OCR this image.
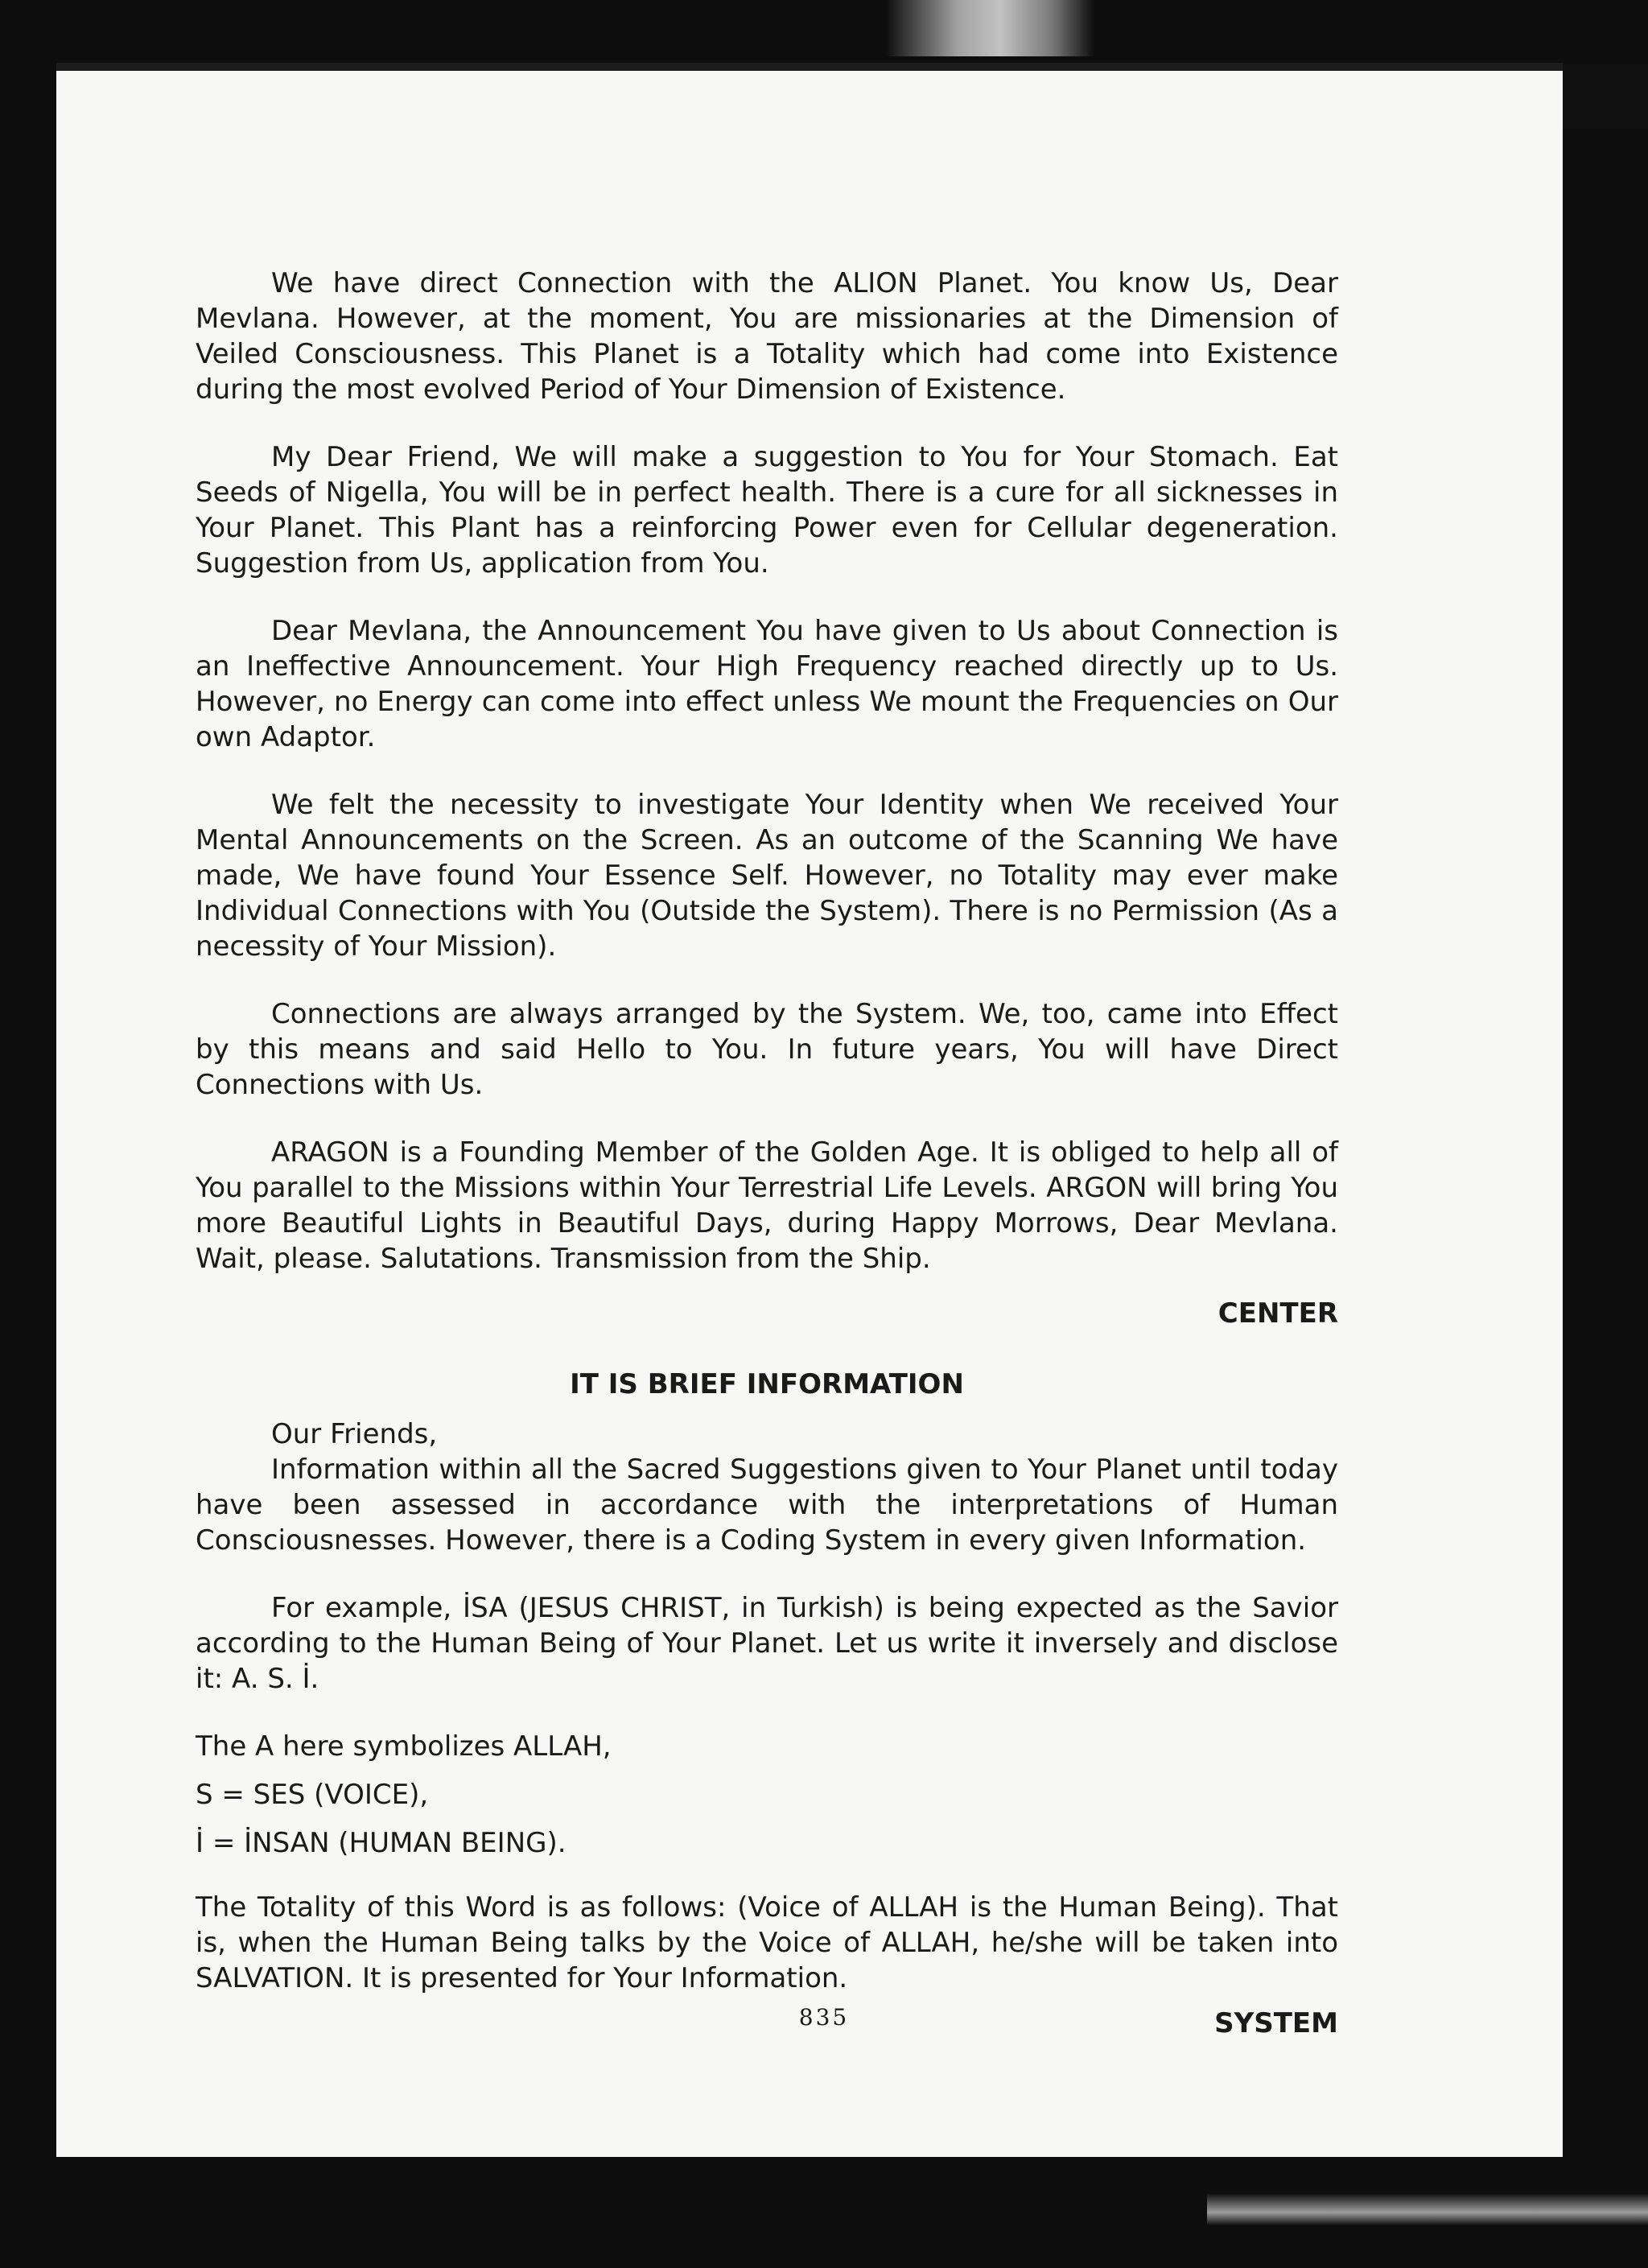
We have direct Connection with the ALION Planet. You know Us, Dear Mevlana. However, at the moment, You are missionaries at the Dimension of Veiled Consciousness. This Planet is a Totality which had come into Existence during the most evolved Period of Your Dimension of Existence.

My Dear Friend, We will make a suggestion to You for Your Stomach. Eat Seeds of Nigella, You will be in perfect health. There is a cure for all sicknesses in Your Planet. This Plant has a reinforcing Power even for Cellular degeneration. Suggestion from Us, application from You.

Dear Mevlana, the Announcement You have given to Us about Connection is an Ineffective Announcement. Your High Frequency reached directly up to Us. However, no Energy can come into effect unless We mount the Frequencies on Our own Adaptor.

We felt the necessity to investigate Your Identity when We received Your Mental Announcements on the Screen. As an outcome of the Scanning We have made, We have found Your Essence Self. However, no Totality may ever make Individual Connections with You (Outside the System). There is no Permission (As a necessity of Your Mission).

Connections are always arranged by the System. We, too, came into Effect by this means and said Hello to You. In future years, You will have Direct Connections with Us.

ARAGON is a Founding Member of the Golden Age. It is obliged to help all of You parallel to the Missions within Your Terrestrial Life Levels. ARGON will bring You more Beautiful Lights in Beautiful Days, during Happy Morrows, Dear Mevlana. Wait, please. Salutations. Transmission from the Ship.

CENTER
IT IS BRIEF INFORMATION

Our Friends,

Information within all the Sacred Suggestions given to Your Planet until today have been assessed in accordance with the interpretations of Human Consciousnesses. However, there is a Coding System in every given Information.

For example, İSA (JESUS CHRIST, in Turkish) is being expected as the Savior according to the Human Being of Your Planet. Let us write it inversely and disclose it: A. S. İ.

The A here symbolizes ALLAH,

S = SES (VOICE),

İ = İNSAN (HUMAN BEING).

The Totality of this Word is as follows: (Voice of ALLAH is the Human Being). That is, when the Human Being talks by the Voice of ALLAH, he/she will be taken into SALVATION. It is presented for Your Information.

SYSTEM
835
